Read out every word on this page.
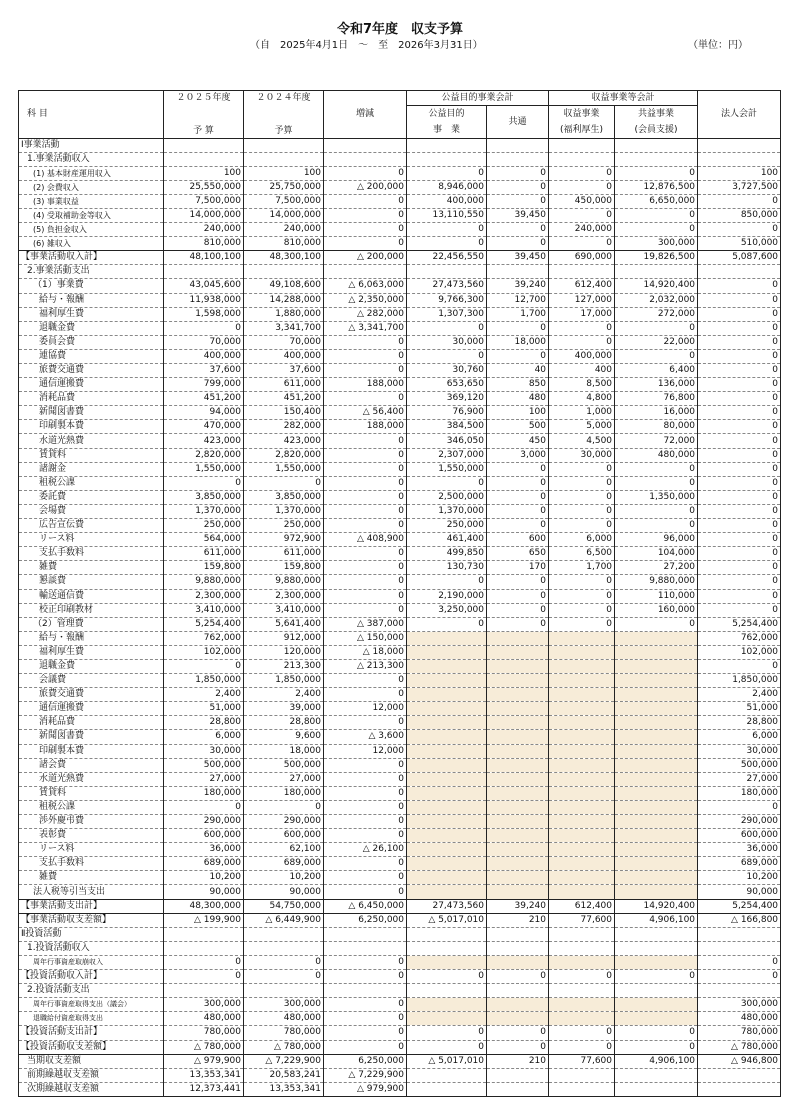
令和7年度　収支予算
（自　2025年4月1日　～　至　2026年3月31日）	（単位：円）
科 目	２０２５年度	２０２４年度	増減	公益目的事業会計		収益事業等会計		法人会計
	予 算	予算		公益目的	共通	収益事業	共益事業	
				事　業		(福利厚生)	(会員支援)	
Ⅰ事業活動								
1.事業活動収入								
(1) 基本財産運用収入	100	100	0	0	0	0	0	100
(2) 会費収入	25,550,000	25,750,000	△ 200,000	8,946,000	0	0	12,876,500	3,727,500
(3) 事業収益	7,500,000	7,500,000	0	400,000	0	450,000	6,650,000	0
(4) 受取補助金等収入	14,000,000	14,000,000	0	13,110,550	39,450	0	0	850,000
(5) 負担金収入	240,000	240,000	0	0	0	240,000	0	0
(6) 雑収入	810,000	810,000	0	0	0	0	300,000	510,000
【事業活動収入計】	48,100,100	48,300,100	△ 200,000	22,456,550	39,450	690,000	19,826,500	5,087,600
2.事業活動支出								
（1）事業費	43,045,600	49,108,600	△ 6,063,000	27,473,560	39,240	612,400	14,920,400	0
給与・報酬	11,938,000	14,288,000	△ 2,350,000	9,766,300	12,700	127,000	2,032,000	0
福利厚生費	1,598,000	1,880,000	△ 282,000	1,307,300	1,700	17,000	272,000	0
退職金費	0	3,341,700	△ 3,341,700	0	0	0	0	0
委員会費	70,000	70,000	0	30,000	18,000	0	22,000	0
連協費	400,000	400,000	0	0	0	400,000	0	0
旅費交通費	37,600	37,600	0	30,760	40	400	6,400	0
通信運搬費	799,000	611,000	188,000	653,650	850	8,500	136,000	0
消耗品費	451,200	451,200	0	369,120	480	4,800	76,800	0
新聞図書費	94,000	150,400	△ 56,400	76,900	100	1,000	16,000	0
印刷製本費	470,000	282,000	188,000	384,500	500	5,000	80,000	0
水道光熱費	423,000	423,000	0	346,050	450	4,500	72,000	0
賃貸料	2,820,000	2,820,000	0	2,307,000	3,000	30,000	480,000	0
諸謝金	1,550,000	1,550,000	0	1,550,000	0	0	0	0
租税公課	0	0	0	0	0	0	0	0
委託費	3,850,000	3,850,000	0	2,500,000	0	0	1,350,000	0
会場費	1,370,000	1,370,000	0	1,370,000	0	0	0	0
広告宣伝費	250,000	250,000	0	250,000	0	0	0	0
リース料	564,000	972,900	△ 408,900	461,400	600	6,000	96,000	0
支払手数料	611,000	611,000	0	499,850	650	6,500	104,000	0
雑費	159,800	159,800	0	130,730	170	1,700	27,200	0
懇談費	9,880,000	9,880,000	0	0	0	0	9,880,000	0
輸送通信費	2,300,000	2,300,000	0	2,190,000	0	0	110,000	0
校正印刷教材	3,410,000	3,410,000	0	3,250,000	0	0	160,000	0
（2）管理費	5,254,400	5,641,400	△ 387,000	0	0	0	0	5,254,400
給与・報酬	762,000	912,000	△ 150,000					762,000
福利厚生費	102,000	120,000	△ 18,000					102,000
退職金費	0	213,300	△ 213,300					0
会議費	1,850,000	1,850,000	0					1,850,000
旅費交通費	2,400	2,400	0					2,400
通信運搬費	51,000	39,000	12,000					51,000
消耗品費	28,800	28,800	0					28,800
新聞図書費	6,000	9,600	△ 3,600					6,000
印刷製本費	30,000	18,000	12,000					30,000
諸会費	500,000	500,000	0					500,000
水道光熱費	27,000	27,000	0					27,000
賃貸料	180,000	180,000	0					180,000
租税公課	0	0	0					0
渉外慶弔費	290,000	290,000	0					290,000
表彰費	600,000	600,000	0					600,000
リース料	36,000	62,100	△ 26,100					36,000
支払手数料	689,000	689,000	0					689,000
雑費	10,200	10,200	0					10,200
法人税等引当支出	90,000	90,000	0					90,000
【事業活動支出計】	48,300,000	54,750,000	△ 6,450,000	27,473,560	39,240	612,400	14,920,400	5,254,400
【事業活動収支差額】	△ 199,900	△ 6,449,900	6,250,000	△ 5,017,010	210	77,600	4,906,100	△ 166,800
Ⅱ投資活動								
1.投資活動収入								
周年行事資産取崩収入	0	0	0					0
【投資活動収入計】	0	0	0	0	0	0	0	0
2.投資活動支出								
周年行事資産取得支出（議会）	300,000	300,000	0					300,000
退職給付資産取得支出	480,000	480,000	0					480,000
【投資活動支出計】	780,000	780,000	0	0	0	0	0	780,000
【投資活動収支差額】	△ 780,000	△ 780,000	0	0	0	0	0	△ 780,000
当期収支差額	△ 979,900	△ 7,229,900	6,250,000	△ 5,017,010	210	77,600	4,906,100	△ 946,800
前期繰越収支差額	13,353,341	20,583,241	△ 7,229,900					
次期繰越収支差額	12,373,441	13,353,341	△ 979,900					
